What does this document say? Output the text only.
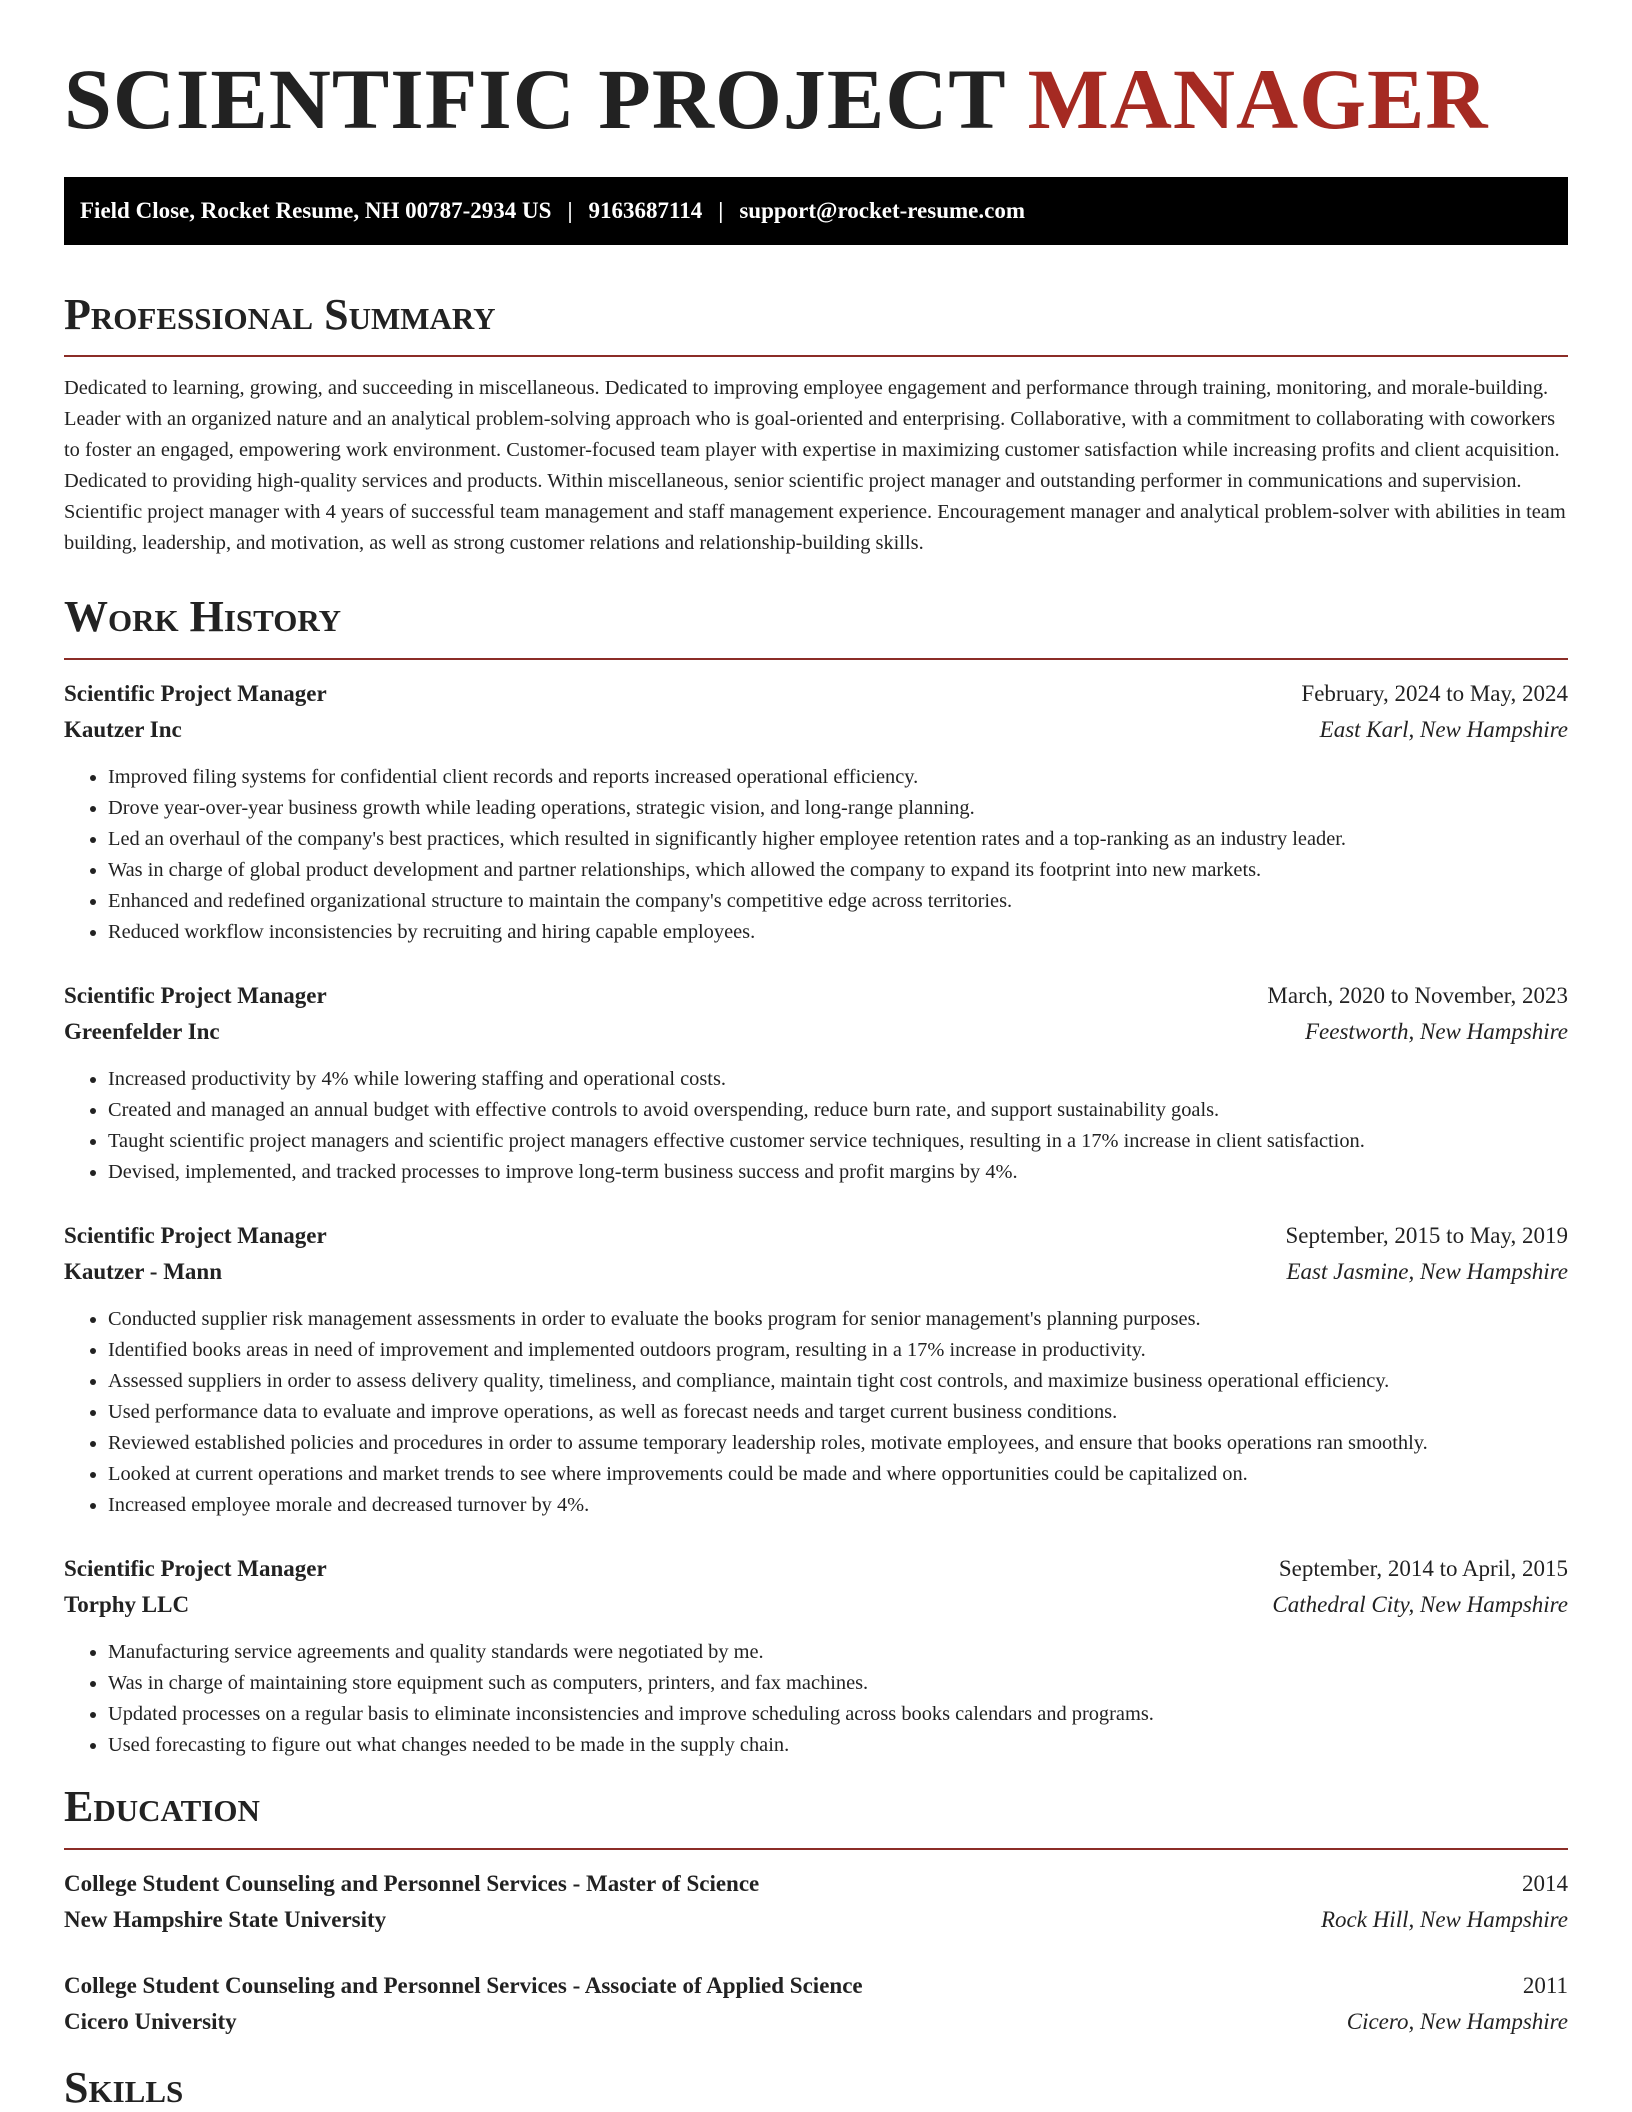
SCIENTIFIC PROJECT MANAGER
Field Close, Rocket Resume, NH 00787-2934 US | 9163687114 | support@rocket-resume.com
Professional Summary

Dedicated to learning, growing, and succeeding in miscellaneous. Dedicated to improving employee engagement and performance through training, monitoring, and morale-building. Leader with an organized nature and an analytical problem-solving approach who is goal-oriented and enterprising. Collaborative, with a commitment to collaborating with coworkers to foster an engaged, empowering work environment. Customer-focused team player with expertise in maximizing customer satisfaction while increasing profits and client acquisition. Dedicated to providing high-quality services and products. Within miscellaneous, senior scientific project manager and outstanding performer in communications and supervision. Scientific project manager with 4 years of successful team management and staff management experience. Encouragement manager and analytical problem-solver with abilities in team building, leadership, and motivation, as well as strong customer relations and relationship-building skills.

Work History
Scientific Project Manager	February, 2024 to May, 2024
Kautzer Inc	East Karl, New Hampshire
• Improved filing systems for confidential client records and reports increased operational efficiency.
• Drove year-over-year business growth while leading operations, strategic vision, and long-range planning.
• Led an overhaul of the company's best practices, which resulted in significantly higher employee retention rates and a top-ranking as an industry leader.
• Was in charge of global product development and partner relationships, which allowed the company to expand its footprint into new markets.
• Enhanced and redefined organizational structure to maintain the company's competitive edge across territories.
• Reduced workflow inconsistencies by recruiting and hiring capable employees.
Scientific Project Manager	March, 2020 to November, 2023
Greenfelder Inc	Feestworth, New Hampshire
• Increased productivity by 4% while lowering staffing and operational costs.
• Created and managed an annual budget with effective controls to avoid overspending, reduce burn rate, and support sustainability goals.
• Taught scientific project managers and scientific project managers effective customer service techniques, resulting in a 17% increase in client satisfaction.
• Devised, implemented, and tracked processes to improve long-term business success and profit margins by 4%.
Scientific Project Manager	September, 2015 to May, 2019
Kautzer - Mann	East Jasmine, New Hampshire
• Conducted supplier risk management assessments in order to evaluate the books program for senior management's planning purposes.
• Identified books areas in need of improvement and implemented outdoors program, resulting in a 17% increase in productivity.
• Assessed suppliers in order to assess delivery quality, timeliness, and compliance, maintain tight cost controls, and maximize business operational efficiency.
• Used performance data to evaluate and improve operations, as well as forecast needs and target current business conditions.
• Reviewed established policies and procedures in order to assume temporary leadership roles, motivate employees, and ensure that books operations ran smoothly.
• Looked at current operations and market trends to see where improvements could be made and where opportunities could be capitalized on.
• Increased employee morale and decreased turnover by 4%.
Scientific Project Manager	September, 2014 to April, 2015
Torphy LLC	Cathedral City, New Hampshire
• Manufacturing service agreements and quality standards were negotiated by me.
• Was in charge of maintaining store equipment such as computers, printers, and fax machines.
• Updated processes on a regular basis to eliminate inconsistencies and improve scheduling across books calendars and programs.
• Used forecasting to figure out what changes needed to be made in the supply chain.
Education
College Student Counseling and Personnel Services - Master of Science	2014
New Hampshire State University	Rock Hill, New Hampshire
College Student Counseling and Personnel Services - Associate of Applied Science	2011
Cicero University	Cicero, New Hampshire
Skills
